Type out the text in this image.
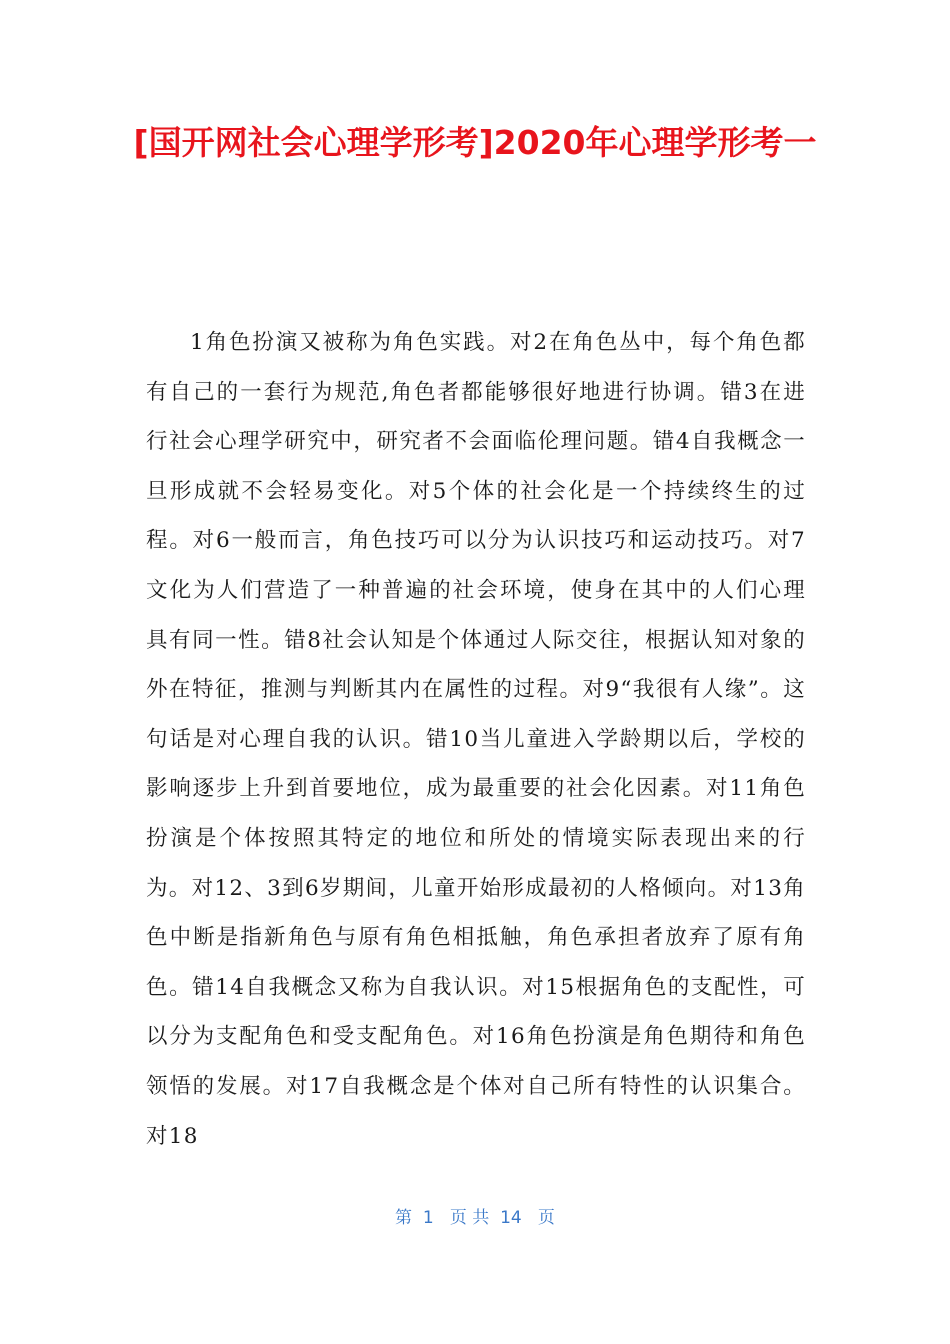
[国开网社会心理学形考]2020年心理学形考一
1角色扮演又被称为角色实践。对2在角色丛中，每个角色都有自己的一套行为规范,角色者都能够很好地进行协调。错3在进行社会心理学研究中，研究者不会面临伦理问题。错4自我概念一旦形成就不会轻易变化。对5个体的社会化是一个持续终生的过程。对6一般而言，角色技巧可以分为认识技巧和运动技巧。对7文化为人们营造了一种普遍的社会环境，使身在其中的人们心理具有同一性。错8社会认知是个体通过人际交往，根据认知对象的外在特征，推测与判断其内在属性的过程。对9“我很有人缘”。这句话是对心理自我的认识。错10当儿童进入学龄期以后，学校的影响逐步上升到首要地位，成为最重要的社会化因素。对11角色扮演是个体按照其特定的地位和所处的情境实际表现出来的行为。对12、3到6岁期间，儿童开始形成最初的人格倾向。对13角色中断是指新角色与原有角色相抵触，角色承担者放弃了原有角色。错14自我概念又称为自我认识。对15根据角色的支配性，可以分为支配角色和受支配角色。对16角色扮演是角色期待和角色领悟的发展。对17自我概念是个体对自己所有特性的认识集合。对18
第  1   页 共  14   页
